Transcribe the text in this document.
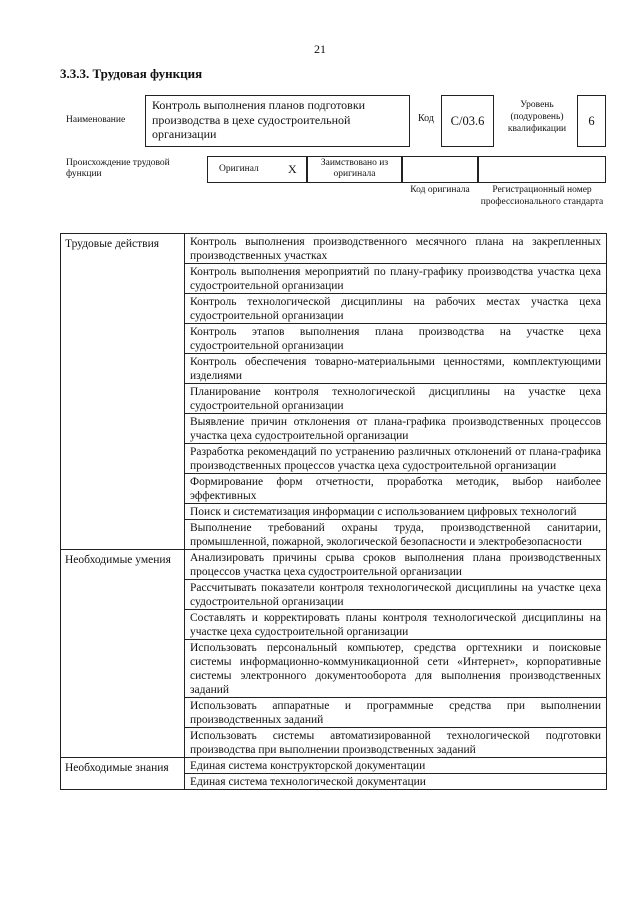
21
3.3.3. Трудовая функция
Наименование
Контроль выполнения планов подготовки производства в цехе судостроительной организации
Код C/03.6
Уровень (подуровень) квалификации
6
Происхождение трудовой функции	Оригинал X	Заимствовано из оригинала
Код оригинала	Регистрационный номер профессионального стандарта
Трудовые действия	Контроль выполнения производственного месячного плана на закрепленных производственных участках
	Контроль выполнения мероприятий по плану-графику производства участка цеха судостроительной организации
	Контроль технологической дисциплины на рабочих местах участка цеха судостроительной организации
	Контроль этапов выполнения плана производства на участке цеха судостроительной организации
	Контроль обеспечения товарно-материальными ценностями, комплектующими изделиями
	Планирование контроля технологической дисциплины на участке цеха судостроительной организации
	Выявление причин отклонения от плана-графика производственных процессов участка цеха судостроительной организации
	Разработка рекомендаций по устранению различных отклонений от плана-графика производственных процессов участка цеха судостроительной организации
	Формирование форм отчетности, проработка методик, выбор наиболее эффективных
	Поиск и систематизация информации с использованием цифровых технологий
	Выполнение требований охраны труда, производственной санитарии, промышленной, пожарной, экологической безопасности и электробезопасности
Необходимые умения	Анализировать причины срыва сроков выполнения плана производственных процессов участка цеха судостроительной организации
	Рассчитывать показатели контроля технологической дисциплины на участке цеха судостроительной организации
	Составлять и корректировать планы контроля технологической дисциплины на участке цеха судостроительной организации
	Использовать персональный компьютер, средства оргтехники и поисковые системы информационно-коммуникационной сети «Интернет», корпоративные системы электронного документооборота для выполнения производственных заданий
	Использовать аппаратные и программные средства при выполнении производственных заданий
	Использовать системы автоматизированной технологической подготовки производства при выполнении производственных заданий
Необходимые знания	Единая система конструкторской документации
	Единая система технологической документации
